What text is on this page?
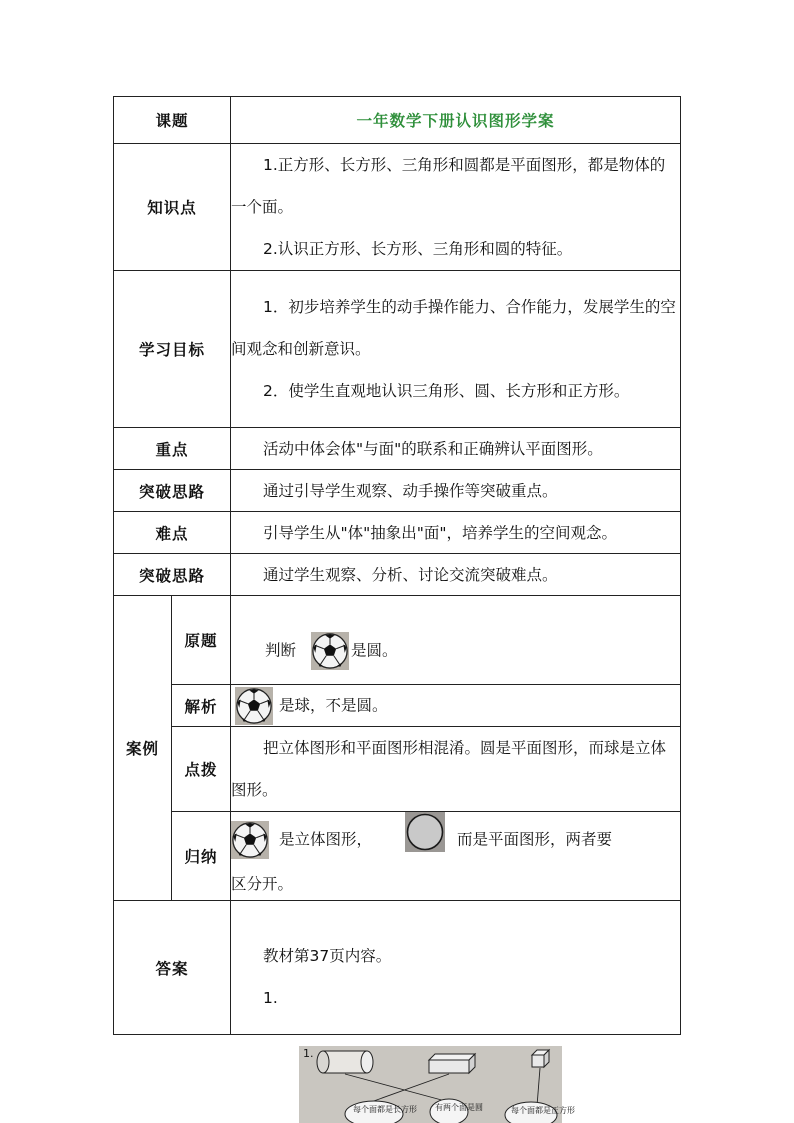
课题		一年数学下册认识图形学案
知识点		1.正方形、长方形、三角形和圆都是平面图形，都是物体的一个面。

2.认识正方形、长方形、三角形和圆的特征。

学习目标		1．初步培养学生的动手操作能力、合作能力，发展学生的空间观念和创新意识。

2．使学生直观地认识三角形、圆、长方形和正方形。

重点		活动中体会体"与面"的联系和正确辨认平面图形。

突破思路		通过引导学生观察、动手操作等突破重点。

难点		引导学生从"体"抽象出"面"，培养学生的空间观念。

突破思路		通过学生观察、分析、讨论交流突破难点。

案例	原题	判断 是圆。

	解析	是球，不是圆。
	点拨	把立体图形和平面图形相混淆。圆是平面图形，而球是立体图形。

	归纳	是立体图形， 而是平面图形，两者要
区分开。

答案		教材第37页内容。

1.

1.
每个面都是长方形 有两个面是圆	每个面都是正方形
